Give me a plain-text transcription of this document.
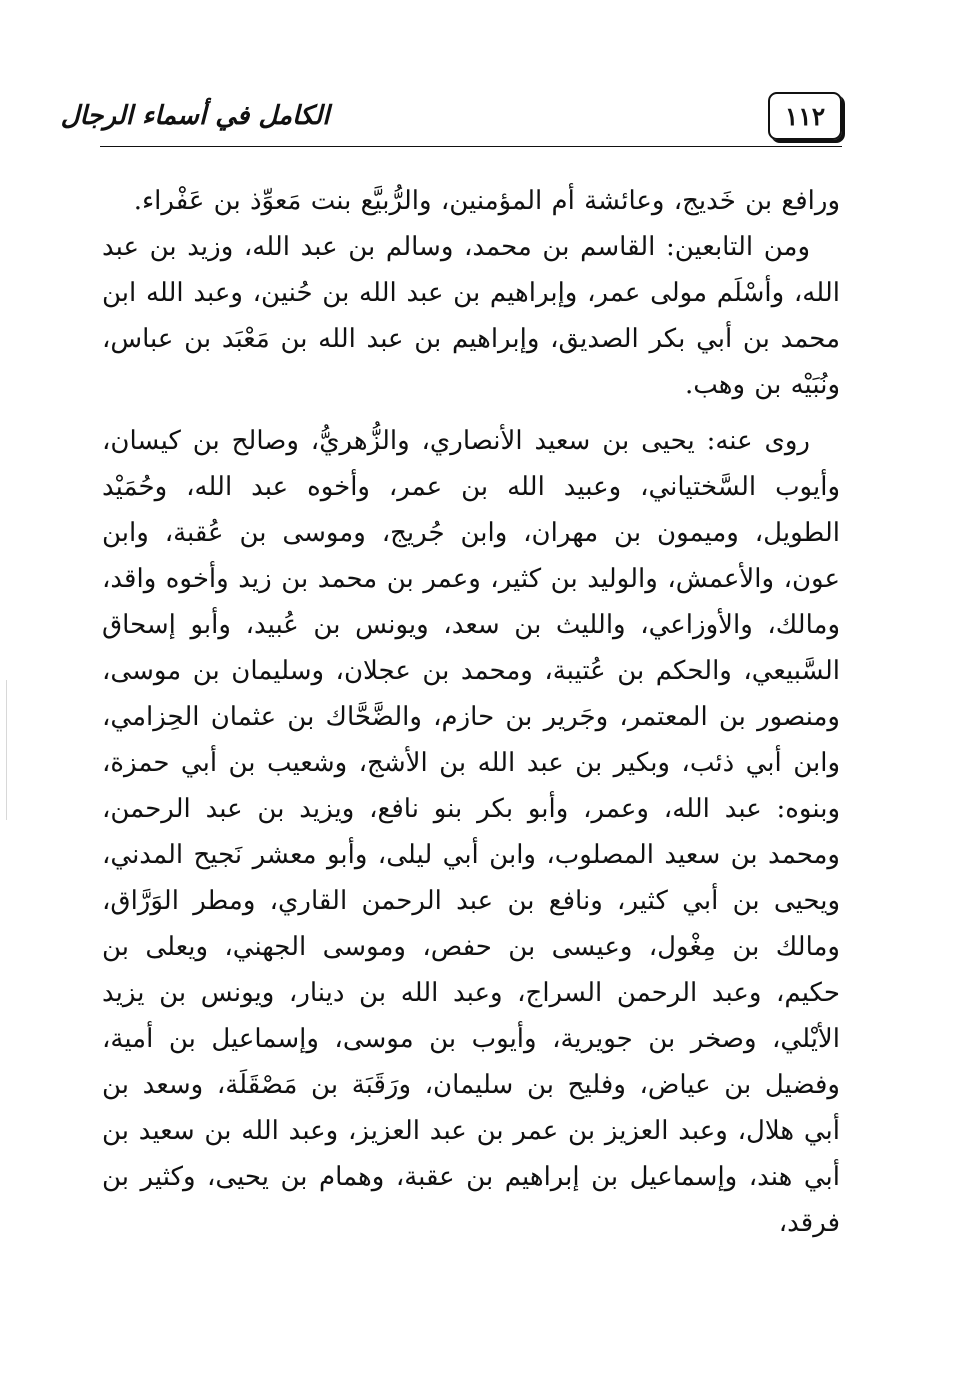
الكامل في أسماء الرجال	١١٢

ورافع بن خَديج، وعائشة أم المؤمنين، والرُّبيَّع بنت مَعوِّذ بن عَفْراء.

ومن التابعين: القاسم بن محمد، وسالم بن عبد الله، وزيد بن عبد الله، وأسْلَم مولى عمر، وإبراهيم بن عبد الله بن حُنين، وعبد الله ابن محمد بن أبي بكر الصديق، وإبراهيم بن عبد الله بن مَعْبَد بن عباس، ونُبَيْه بن وهب.

روى عنه: يحيى بن سعيد الأنصاري، والزُّهريُّ، وصالح بن كيسان، وأيوب السَّختياني، وعبيد الله بن عمر، وأخوه عبد الله، وحُمَيْد الطويل، وميمون بن مهران، وابن جُريج، وموسى بن عُقبة، وابن عون، والأعمش، والوليد بن كثير، وعمر بن محمد بن زيد وأخوه واقد، ومالك، والأوزاعي، والليث بن سعد، ويونس بن عُبيد، وأبو إسحاق السَّبيعي، والحكم بن عُتيبة، ومحمد بن عجلان، وسليمان بن موسى، ومنصور بن المعتمر، وجَرير بن حازم، والضَّحَّاك بن عثمان الحِزامي، وابن أبي ذئب، وبكير بن عبد الله بن الأشج، وشعيب بن أبي حمزة، وبنوه: عبد الله، وعمر، وأبو بكر بنو نافع، ويزيد بن عبد الرحمن، ومحمد بن سعيد المصلوب، وابن أبي ليلى، وأبو معشر نَجيح المدني، ويحيى بن أبي كثير، ونافع بن عبد الرحمن القاري، ومطر الوَرَّاق، ومالك بن مِغْول، وعيسى بن حفص، وموسى الجهني، ويعلى بن حكيم، وعبد الرحمن السراج، وعبد الله بن دينار، ويونس بن يزيد الأيْلي، وصخر بن جويرية، وأيوب بن موسى، وإسماعيل بن أمية، وفضيل بن عياض، وفليح بن سليمان، ورَقَبَة بن مَصْقَلَة، وسعد بن أبي هلال، وعبد العزيز بن عمر بن عبد العزيز، وعبد الله بن سعيد بن أبي هند، وإسماعيل بن إبراهيم بن عقبة، وهمام بن يحيى، وكثير بن فرقد،
